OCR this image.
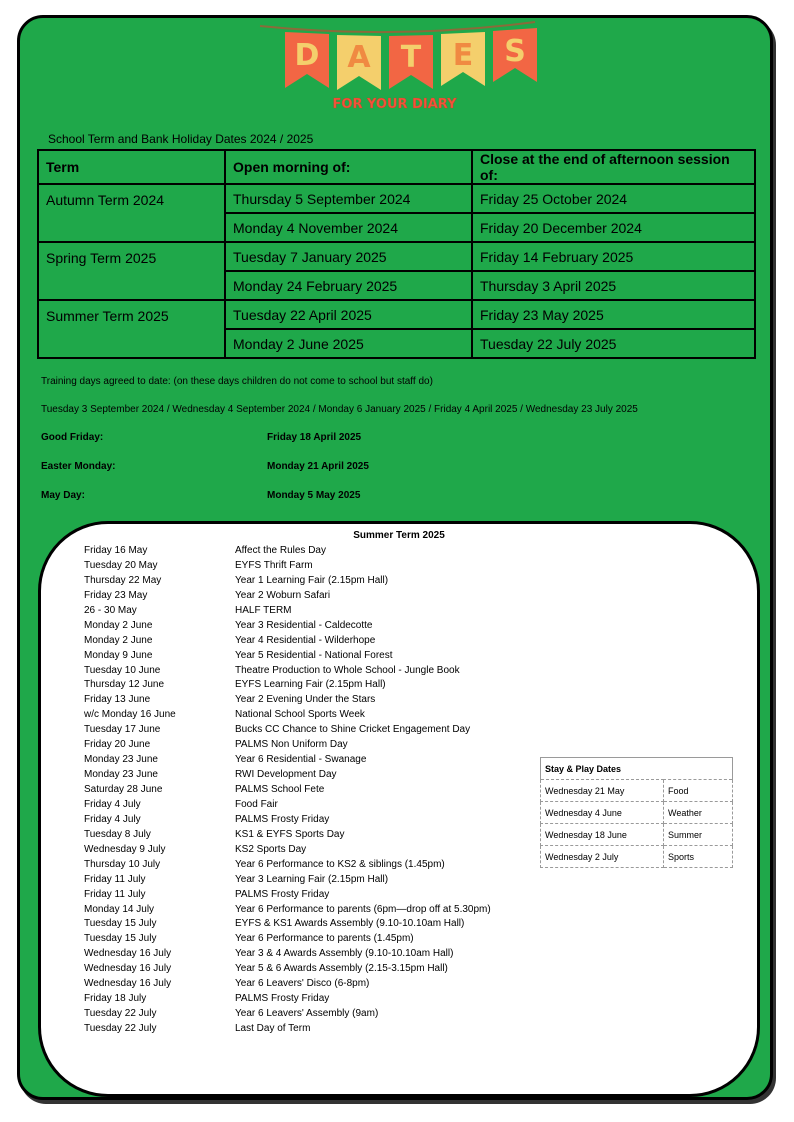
D A	T	E	S
FOR YOUR DIARY
School Term and Bank Holiday Dates 2024 / 2025
Term	Open morning of:	Close at the end of afternoon session of:
Autumn Term 2024	Thursday 5 September 2024	Friday 25 October 2024
	Monday 4 November 2024	Friday 20 December 2024
Spring Term 2025	Tuesday 7 January 2025	Friday 14 February 2025
	Monday 24 February 2025	Thursday 3 April 2025
Summer Term 2025	Tuesday 22 April 2025	Friday 23 May 2025
	Monday 2 June 2025	Tuesday 22 July 2025
Training days agreed to date: (on these days children do not come to school but staff do)
Tuesday 3 September 2024 / Wednesday 4 September 2024 / Monday 6 January 2025 / Friday 4 April 2025 / Wednesday 23 July 2025
Good Friday:	Friday 18 April 2025
Easter Monday:	Monday 21 April 2025
May Day:	Monday 5 May 2025
Summer Term 2025
Friday 16 May	Affect the Rules Day
Tuesday 20 May	EYFS Thrift Farm
Thursday 22 May	Year 1 Learning Fair (2.15pm Hall)
Friday 23 May	Year 2 Woburn Safari
26 - 30 May	HALF TERM
Monday 2 June	Year 3 Residential - Caldecotte
Monday 2 June	Year 4 Residential - Wilderhope
Monday 9 June	Year 5 Residential - National Forest
Tuesday 10 June	Theatre Production to Whole School - Jungle Book
Thursday 12 June	EYFS Learning Fair (2.15pm Hall)
Friday 13 June	Year 2 Evening Under the Stars
w/c Monday 16 June	National School Sports Week
Tuesday 17 June	Bucks CC Chance to Shine Cricket Engagement Day
Friday 20 June	PALMS Non Uniform Day
Monday 23 June	Year 6 Residential - Swanage
Monday 23 June	RWI Development Day
Saturday 28 June	PALMS School Fete
Friday 4 July	Food Fair
Friday 4 July	PALMS Frosty Friday
Tuesday 8 July	KS1 & EYFS Sports Day
Wednesday 9 July	KS2 Sports Day
Thursday 10 July	Year 6 Performance to KS2 & siblings (1.45pm)
Friday 11 July	Year 3 Learning Fair (2.15pm Hall)
Friday 11 July	PALMS Frosty Friday
Monday 14 July	Year 6 Performance to parents (6pm—drop off at 5.30pm)
Tuesday 15 July	EYFS & KS1 Awards Assembly (9.10-10.10am Hall)
Tuesday 15 July	Year 6 Performance to parents (1.45pm)
Wednesday 16 July	Year 3 & 4 Awards Assembly (9.10-10.10am Hall)
Wednesday 16 July	Year 5 & 6 Awards Assembly (2.15-3.15pm Hall)
Wednesday 16 July	Year 6 Leavers' Disco (6-8pm)
Friday 18 July	PALMS Frosty Friday
Tuesday 22 July	Year 6 Leavers' Assembly (9am)
Tuesday 22 July	Last Day of Term
Stay & Play Dates	
Wednesday 21 May	Food
Wednesday 4 June	Weather
Wednesday 18 June	Summer
Wednesday 2 July	Sports
